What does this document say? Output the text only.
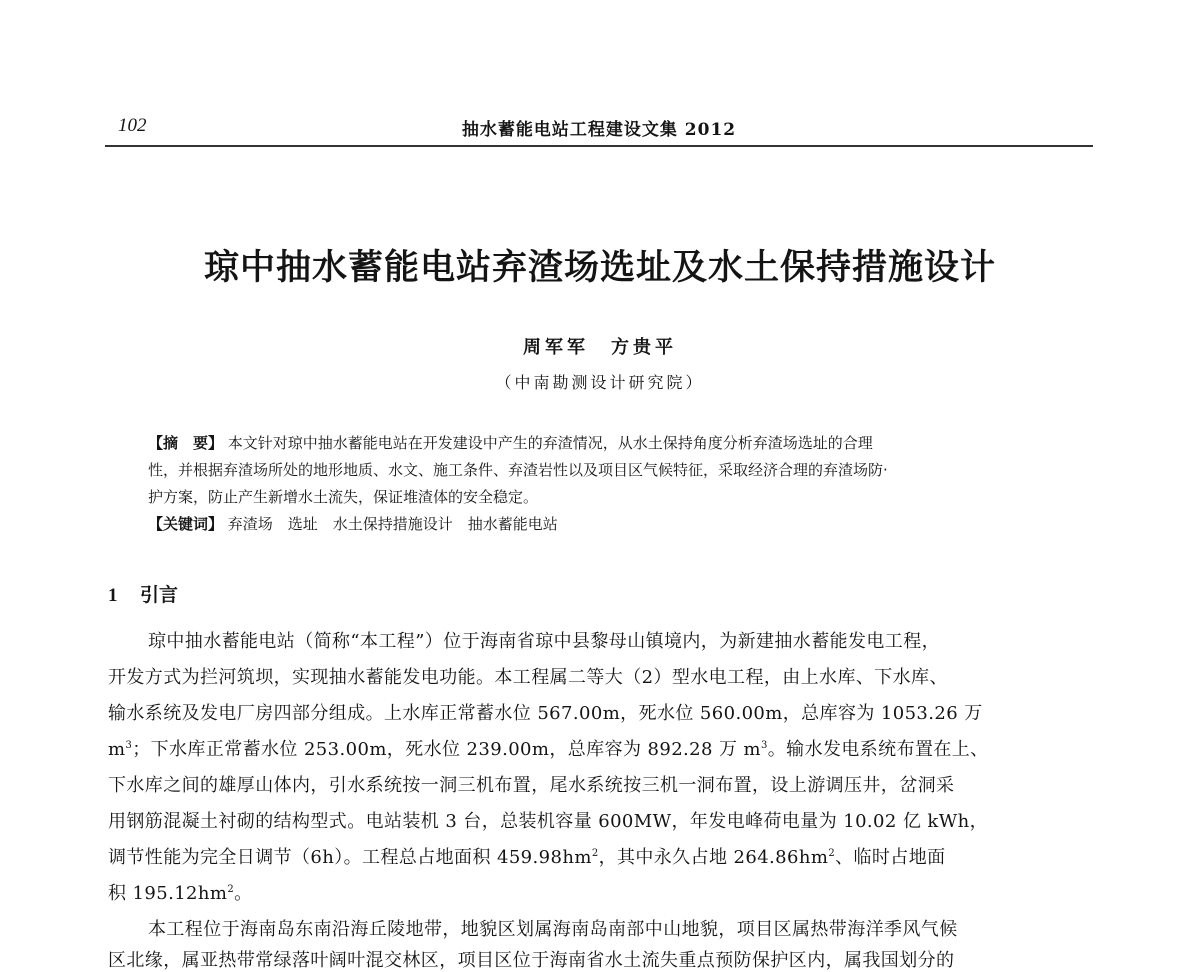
102	抽水蓄能电站工程建设文集 2012
琼中抽水蓄能电站弃渣场选址及水土保持措施设计
周军军　方贵平
（中南勘测设计研究院）
【摘　要】 本文针对琼中抽水蓄能电站在开发建设中产生的弃渣情况，从水土保持角度分析弃渣场选址的合理
性，并根据弃渣场所处的地形地质、水文、施工条件、弃渣岩性以及项目区气候特征，采取经济合理的弃渣场防·
护方案，防止产生新增水土流失，保证堆渣体的安全稳定。
【关键词】 弃渣场　选址　水土保持措施设计　抽水蓄能电站
1 引言
琼中抽水蓄能电站（简称“本工程”）位于海南省琼中县黎母山镇境内，为新建抽水蓄能发电工程，
开发方式为拦河筑坝，实现抽水蓄能发电功能。本工程属二等大（2）型水电工程，由上水库、下水库、
输水系统及发电厂房四部分组成。上水库正常蓄水位 567.00m，死水位 560.00m，总库容为 1053.26 万
$m^3$；下水库正常蓄水位 253.00m，死水位 239.00m，总库容为 892.28 万 $m^3$。输水发电系统布置在上、
下水库之间的雄厚山体内，引水系统按一洞三机布置，尾水系统按三机一洞布置，设上游调压井，岔洞采
用钢筋混凝土衬砌的结构型式。电站装机 3 台，总装机容量 600MW，年发电峰荷电量为 10.02 亿 kWh，
调节性能为完全日调节（6h）。工程总占地面积 $459.98hm^2$，其中永久占地 $264.86hm^2$、临时占地面
积 $195.12hm^2$。
本工程位于海南岛东南沿海丘陵地带，地貌区划属海南岛南部中山地貌，项目区属热带海洋季风气候
区北缘，属亚热带常绿落叶阔叶混交林区，项目区位于海南省水土流失重点预防保护区内，属我国划分的
